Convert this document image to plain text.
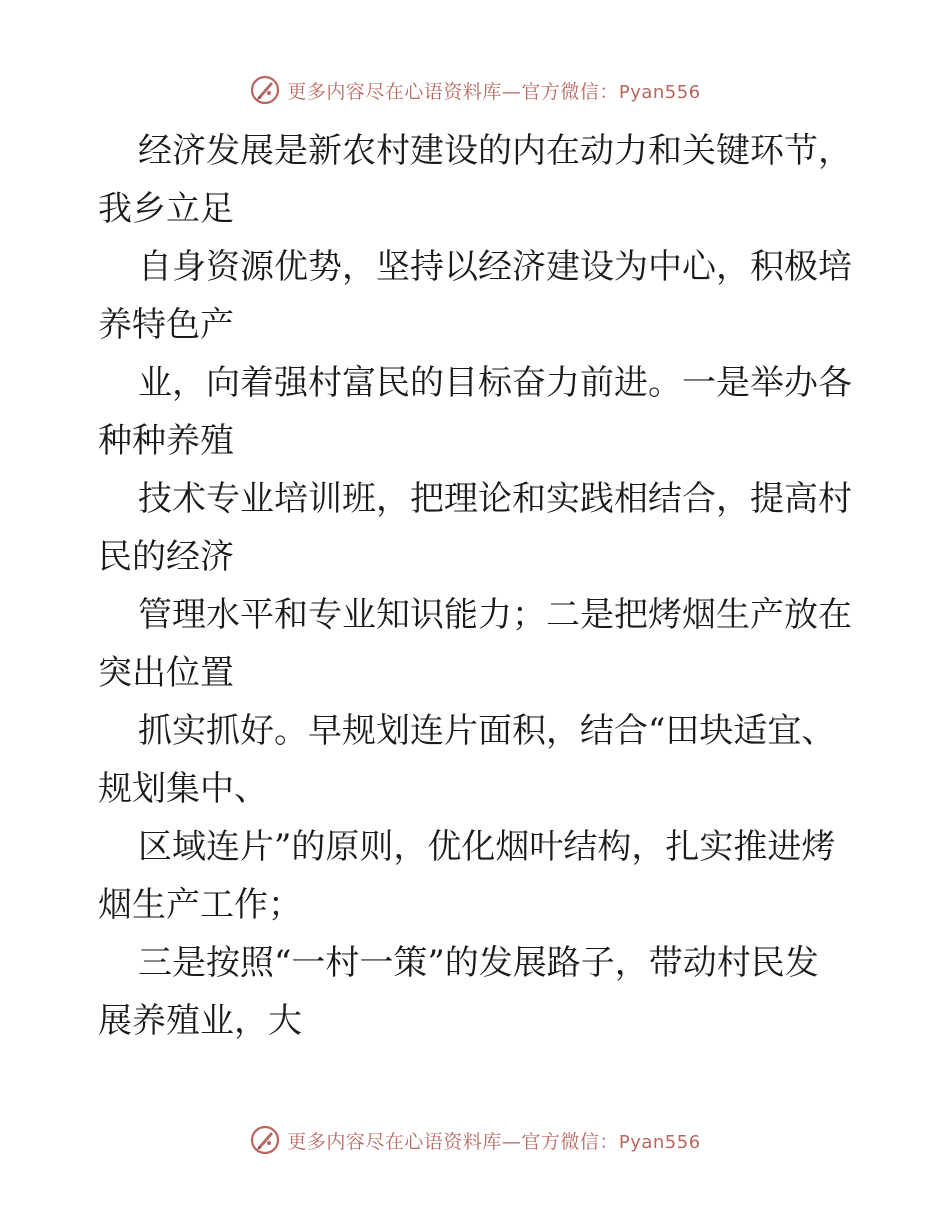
更多内容尽在心语资料库—官方微信：Pyan556
经济发展是新农村建设的内在动力和关键环节，
我乡立足
自身资源优势，坚持以经济建设为中心，积极培
养特色产
业，向着强村富民的目标奋力前进。一是举办各
种种养殖
技术专业培训班，把理论和实践相结合，提高村
民的经济
管理水平和专业知识能力；二是把烤烟生产放在
突出位置
抓实抓好。早规划连片面积，结合“田块适宜、
规划集中、
区域连片”的原则，优化烟叶结构，扎实推进烤
烟生产工作；
三是按照“一村一策”的发展路子，带动村民发
展养殖业，大
更多内容尽在心语资料库—官方微信：Pyan556
